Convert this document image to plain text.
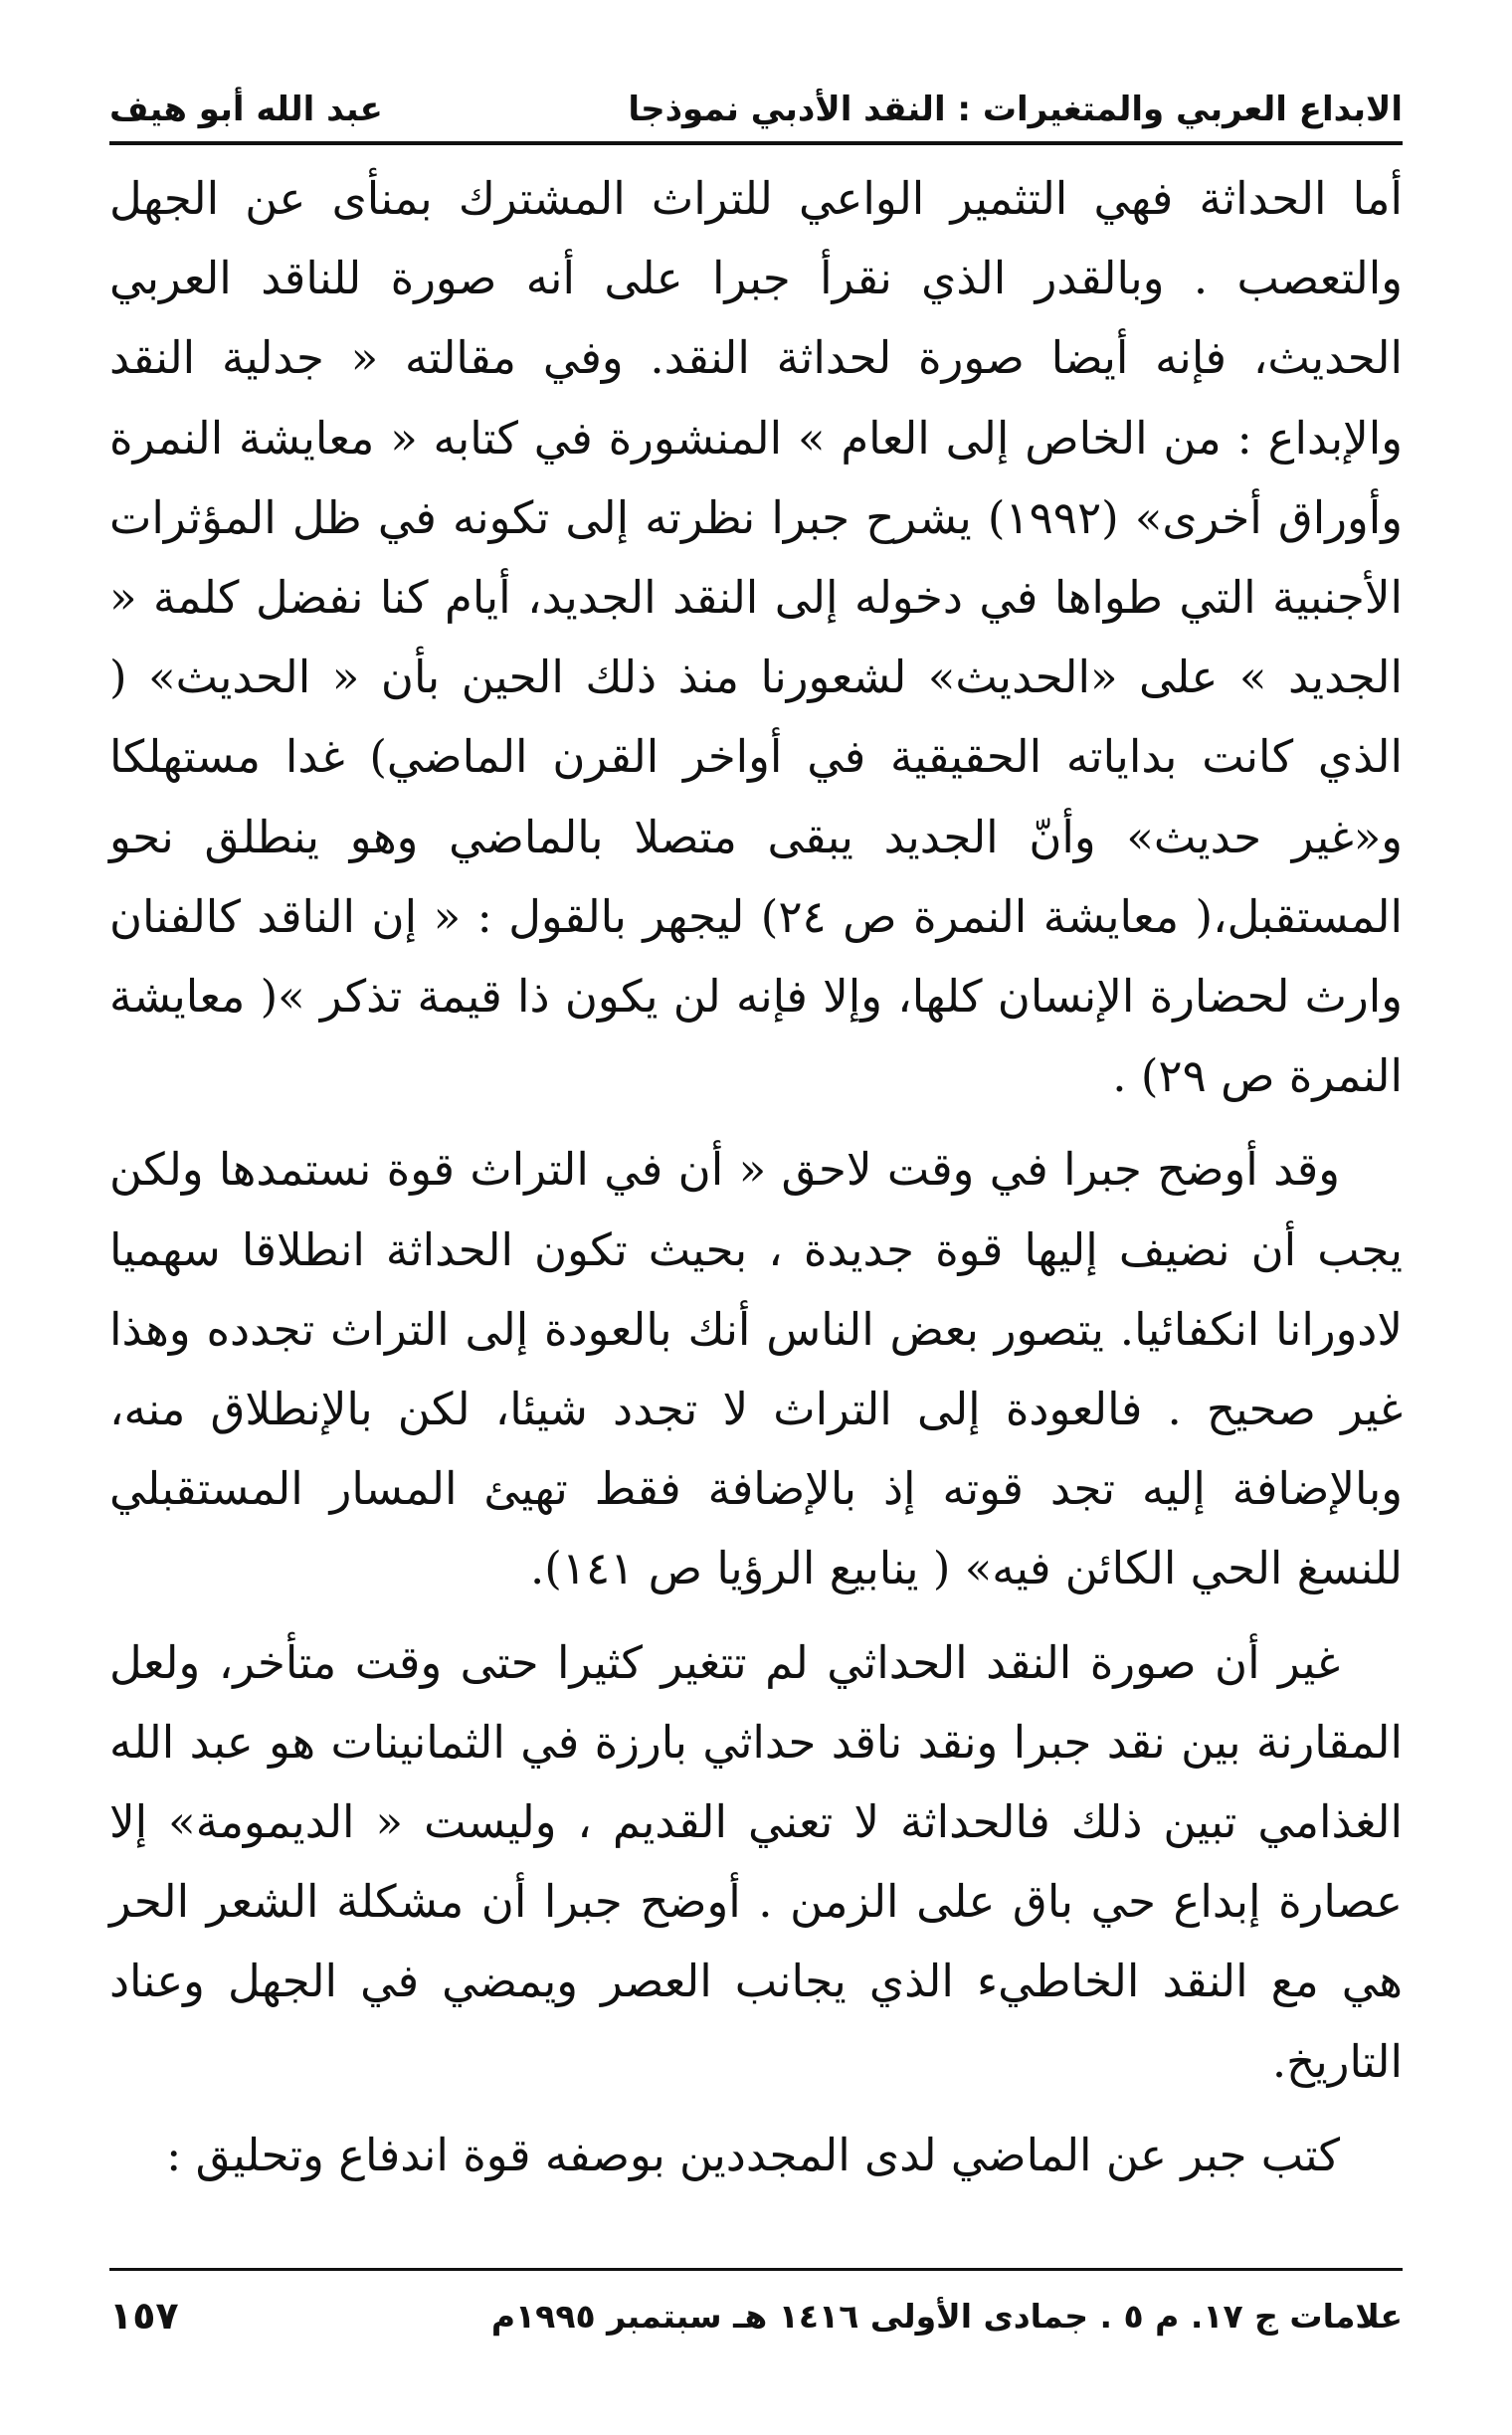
الابداع العربي والمتغيرات : النقد الأدبي نموذجا
عبد الله أبو هيف

أما الحداثة فهي التثمير الواعي للتراث المشترك بمنأى عن الجهل والتعصب . وبالقدر الذي نقرأ جبرا على أنه صورة للناقد العربي الحديث، فإنه أيضا صورة لحداثة النقد. وفي مقالته « جدلية النقد والإبداع : من الخاص إلى العام » المنشورة في كتابه « معايشة النمرة وأوراق أخرى» (١٩٩٢) يشرح جبرا نظرته إلى تكونه في ظل المؤثرات الأجنبية التي طواها في دخوله إلى النقد الجديد، أيام كنا نفضل كلمة « الجديد » على «الحديث» لشعورنا منذ ذلك الحين بأن « الحديث» ( الذي كانت بداياته الحقيقية في أواخر القرن الماضي) غدا مستهلكا و«غير حديث» وأنّ الجديد يبقى متصلا بالماضي وهو ينطلق نحو المستقبل،( معايشة النمرة ص ٢٤) ليجهر بالقول : « إن الناقد كالفنان وارث لحضارة الإنسان كلها، وإلا فإنه لن يكون ذا قيمة تذكر »( معايشة النمرة ص ٢٩) .

وقد أوضح جبرا في وقت لاحق « أن في التراث قوة نستمدها ولكن يجب أن نضيف إليها قوة جديدة ، بحيث تكون الحداثة انطلاقا سهميا لادورانا انكفائيا. يتصور بعض الناس أنك بالعودة إلى التراث تجدده وهذا غير صحيح . فالعودة إلى التراث لا تجدد شيئا، لكن بالإنطلاق منه، وبالإضافة إليه تجد قوته إذ بالإضافة فقط تهيئ المسار المستقبلي للنسغ الحي الكائن فيه» ( ينابيع الرؤيا ص ١٤١).

غير أن صورة النقد الحداثي لم تتغير كثيرا حتى وقت متأخر، ولعل المقارنة بين نقد جبرا ونقد ناقد حداثي بارزة في الثمانينات هو عبد الله الغذامي تبين ذلك فالحداثة لا تعني القديم ، وليست « الديمومة» إلا عصارة إبداع حي باق على الزمن . أوضح جبرا أن مشكلة الشعر الحر هي مع النقد الخاطيء الذي يجانب العصر ويمضي في الجهل وعناد التاريخ.

كتب جبر عن الماضي لدى المجددين بوصفه قوة اندفاع وتحليق :

علامات ج ١٧. م ٥ . جمادى الأولى ١٤١٦ هـ سبتمبر ١٩٩٥م
١٥٧
